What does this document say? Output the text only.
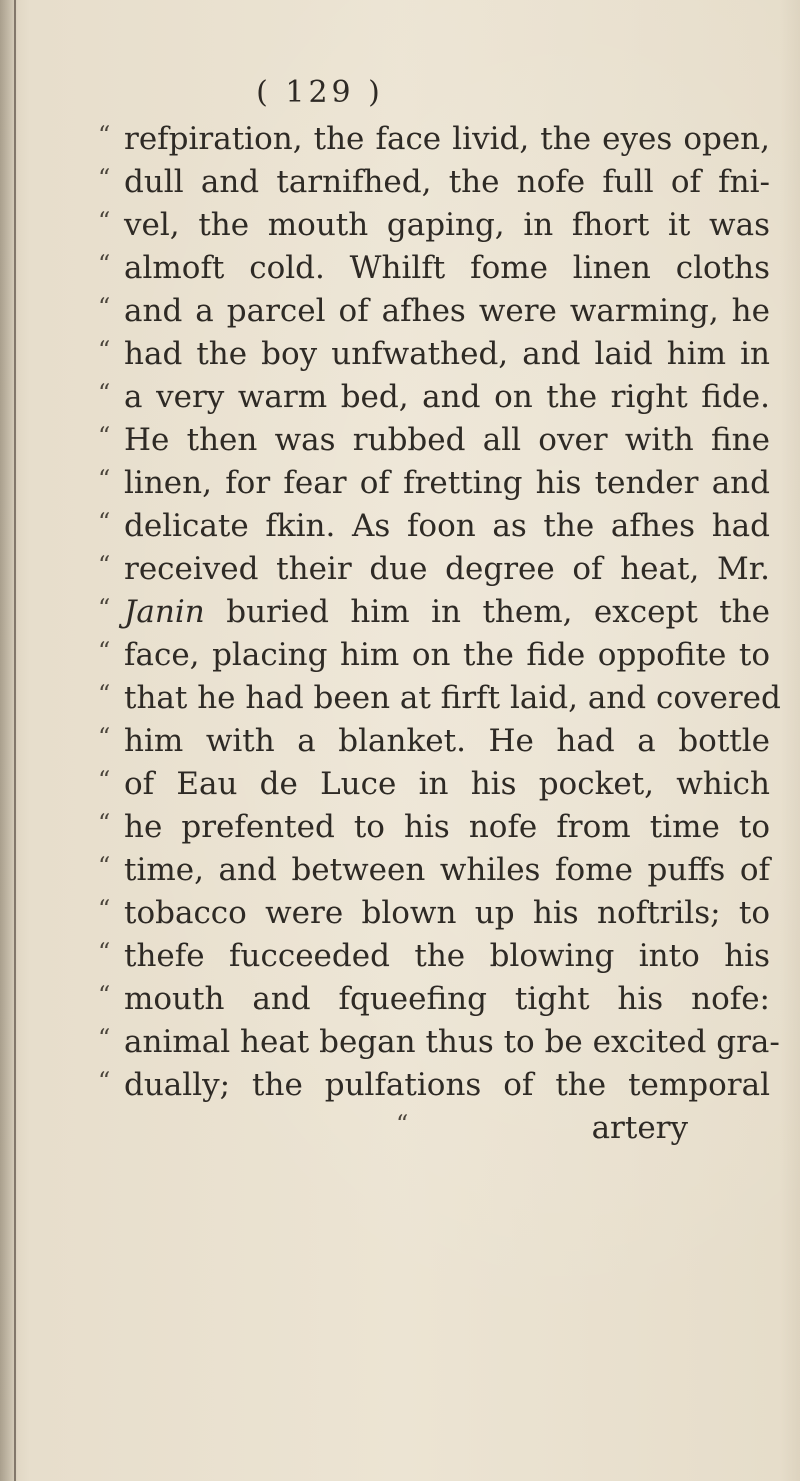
( 129 )
“ refpiration, the face livid, the eyes open,
“ dull and tarnifhed, the nofe full of fni-
“ vel, the mouth gaping, in fhort it was
“ almoft cold. Whilft fome linen cloths
“ and a parcel of afhes were warming, he
“ had the boy unfwathed, and laid him in
“ a very warm bed, and on the right fide.
“ He then was rubbed all over with fine
“ linen, for fear of fretting his tender and
“ delicate fkin. As foon as the afhes had
“ received their due degree of heat, Mr.
“ Janin buried him in them, except the
“ face, placing him on the fide oppofite to
“ that he had been at firft laid, and covered
“ him with a blanket. He had a bottle
“ of Eau de Luce in his pocket, which
“ he prefented to his nofe from time to
“ time, and between whiles fome puffs of
“ tobacco were blown up his noftrils; to
“ thefe fucceeded the blowing into his
“ mouth and fqueefing tight his nofe:
“ animal heat began thus to be excited gra-
“ dually; the pulfations of the temporal
“	artery
